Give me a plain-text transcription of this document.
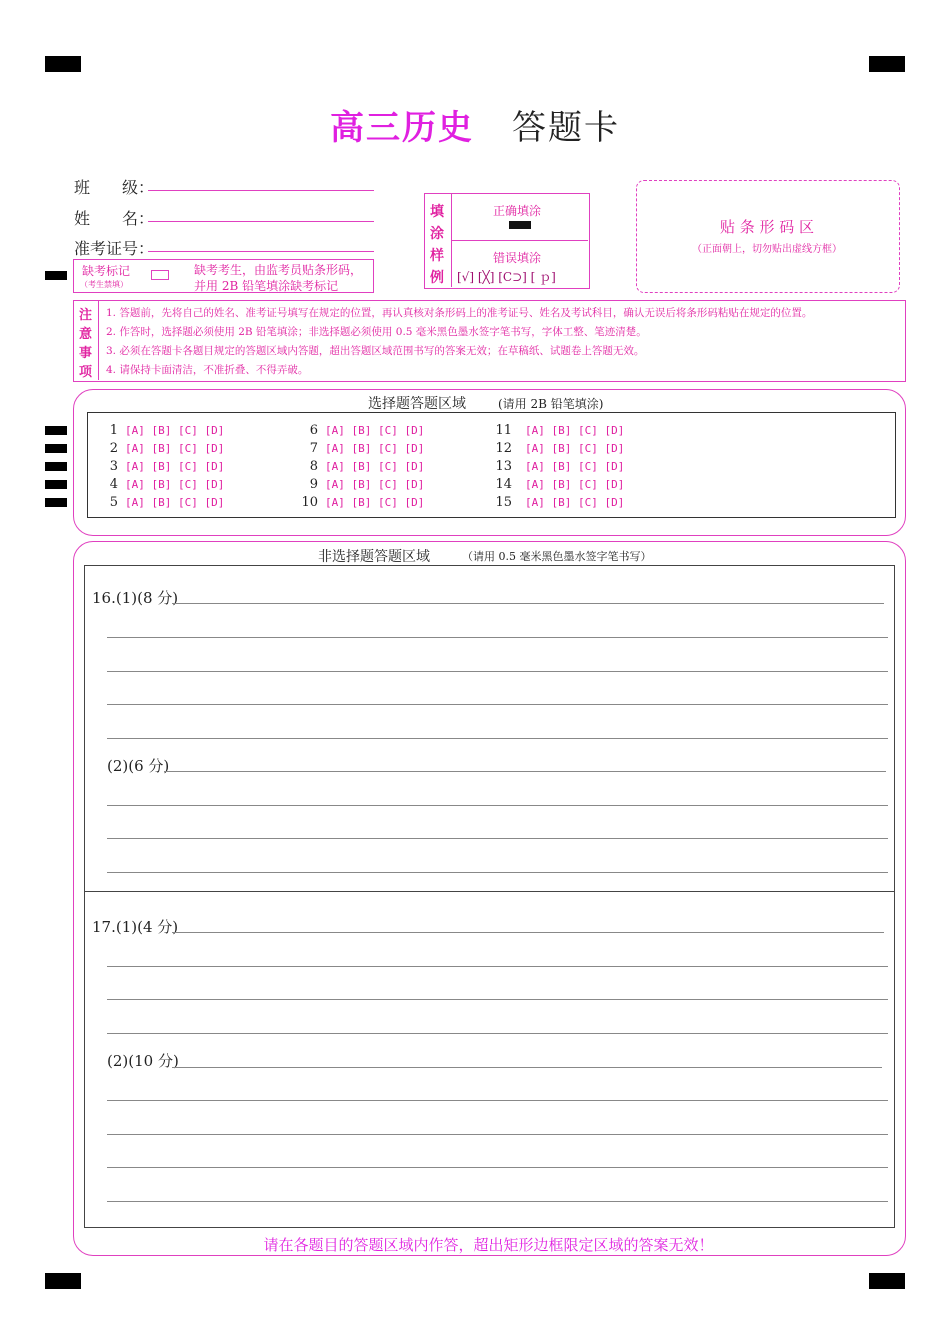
高三历史 答题卡
班　　级：
姓　　名：
准考证号：
缺考标记
（考生禁填）
缺考考生，由监考员贴条形码，
并用 2B 铅笔填涂缺考标记
填
涂
样
例
正确填涂
错误填涂
[√] [╳] [C⊃] [ ｐ]
贴 条 形 码 区
（正面朝上，切勿贴出虚线方框）
注
意
事
项
1. 答题前，先将自己的姓名、准考证号填写在规定的位置，再认真核对条形码上的准考证号、姓名及考试科目，确认无误后将条形码粘贴在规定的位置。
2. 作答时，选择题必须使用 2B 铅笔填涂；非选择题必须使用 0.5 毫米黑色墨水签字笔书写，字体工整、笔迹清楚。
3. 必须在答题卡各题目规定的答题区域内答题，超出答题区域范围书写的答案无效；在草稿纸、试题卷上答题无效。
4. 请保持卡面清洁，不准折叠、不得弄破。
选择题答题区域	(请用 2B 铅笔填涂)
1 [A] [B] [C] [D]
2 [A] [B] [C] [D]
3 [A] [B] [C] [D]
4 [A] [B] [C] [D]
5 [A] [B] [C] [D]
6 [A] [B] [C] [D]
7 [A] [B] [C] [D]
8 [A] [B] [C] [D]
9 [A] [B] [C] [D]
10 [A] [B] [C] [D]
11 [A] [B] [C] [D]
12 [A] [B] [C] [D]
13 [A] [B] [C] [D]
14 [A] [B] [C] [D]
15 [A] [B] [C] [D]
非选择题答题区域	（请用 0.5 毫米黑色墨水签字笔书写）
16.(1)(8 分)
(2)(6 分)
17.(1)(4 分)
(2)(10 分)
请在各题目的答题区域内作答，超出矩形边框限定区域的答案无效！
